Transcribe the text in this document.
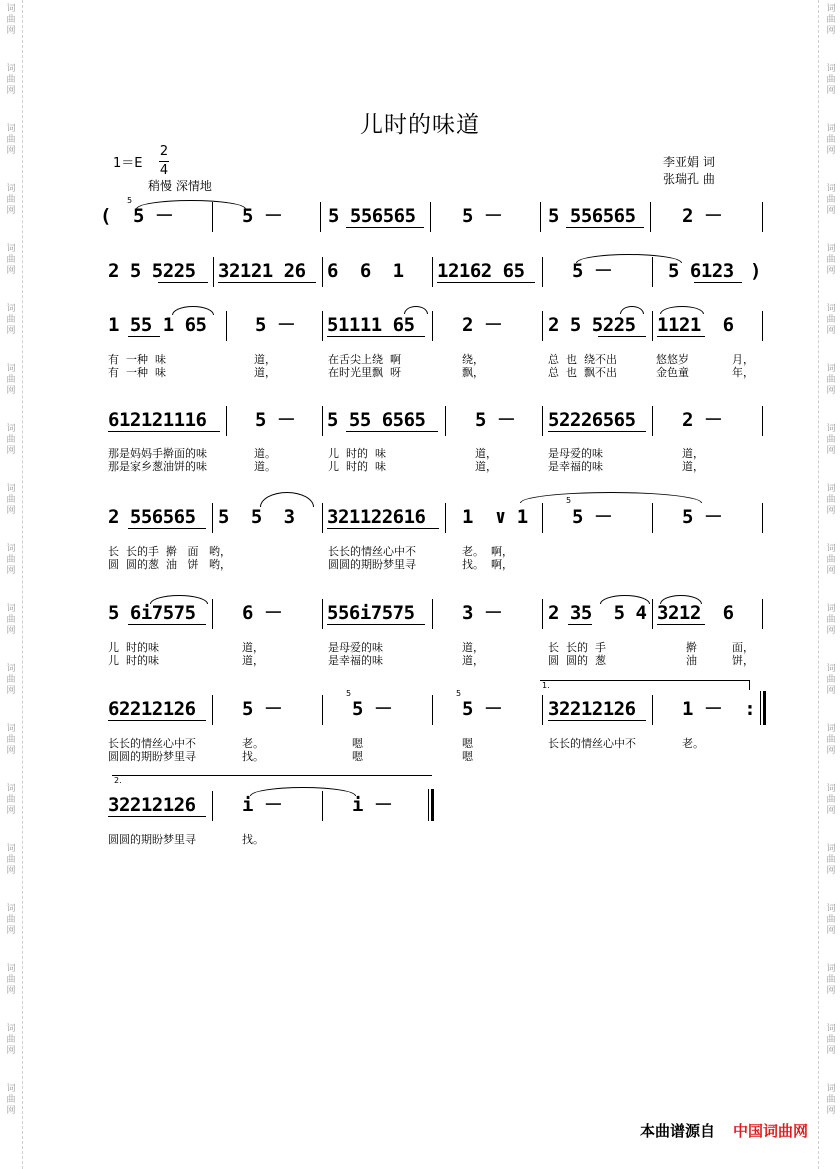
词
曲
网
词
曲
网
词
曲
网
词
曲
网
词
曲
网
词
曲
网
词
曲
网
词
曲
网
词
曲
网
词
曲
网
词
曲
网
词
曲
网
词
曲
网
词
曲
网
词
曲
网
词
曲
网
词
曲
网
词
曲
网
词
曲
网
词
曲
网
词
曲
网
词
曲
网
词
曲
网
词
曲
网
词
曲
网
词
曲
网
词
曲
网
词
曲
网
词
曲
网
词
曲
网
词
曲
网
词
曲
网
词
曲
网
词
曲
网
词
曲
网
词
曲
网
词
曲
网
词
曲
网
儿时的味道
1＝E
2
4
稍慢 深情地
李亚娟 词
张瑞孔 曲
(
5
5 －	5 － 5 556565 5 － 5 556565 2 －
2 5 5225 32121 26 6  6  1 12162 65 5 －	5 6123 )
1 55 1 65	5 － 51111 65 2 － 2 5 5225 1121  6
有  一种  味	道，	在舌尖上绕  啊	绕，	总  也  绕不出	悠悠岁	月，
有  一种  味	道，	在时光里飘  呀	飘，	总  也  飘不出	金色童	年，
612121116	5 － 5 55 6565	5 － 52226565 2 －
那是妈妈手擀面的味	道。	儿  时的  味	道，	是母爱的味	道，
那是家乡葱油饼的味	道。	儿  时的  味	道，	是幸福的味	道，
2 556565 5  5  3 321122616 1  ∨ 1
5
5 －	5 －
长  长的手  擀   面   哟，	长长的情丝心中不	老。  啊，
圆  圆的葱  油   饼   哟，	圆圆的期盼梦里寻	找。  啊，
5 6i7575 6 － 556i7575 3 － 2 35  5 4 3212  6
儿  时的味	道，	是母爱的味	道，	长  长的  手	擀	面，
儿  时的味	道，	是幸福的味	道，	圆  圆的  葱	油	饼，
1.
62212126 5 －
5
5 －
5
5 － 32212126 1 －  :
长长的情丝心中不	老。	嗯	嗯	长长的情丝心中不	老。
圆圆的期盼梦里寻	找。	嗯	嗯
2.
32212126 i －	i －
圆圆的期盼梦里寻	找。
本曲谱源自 中国词曲网
